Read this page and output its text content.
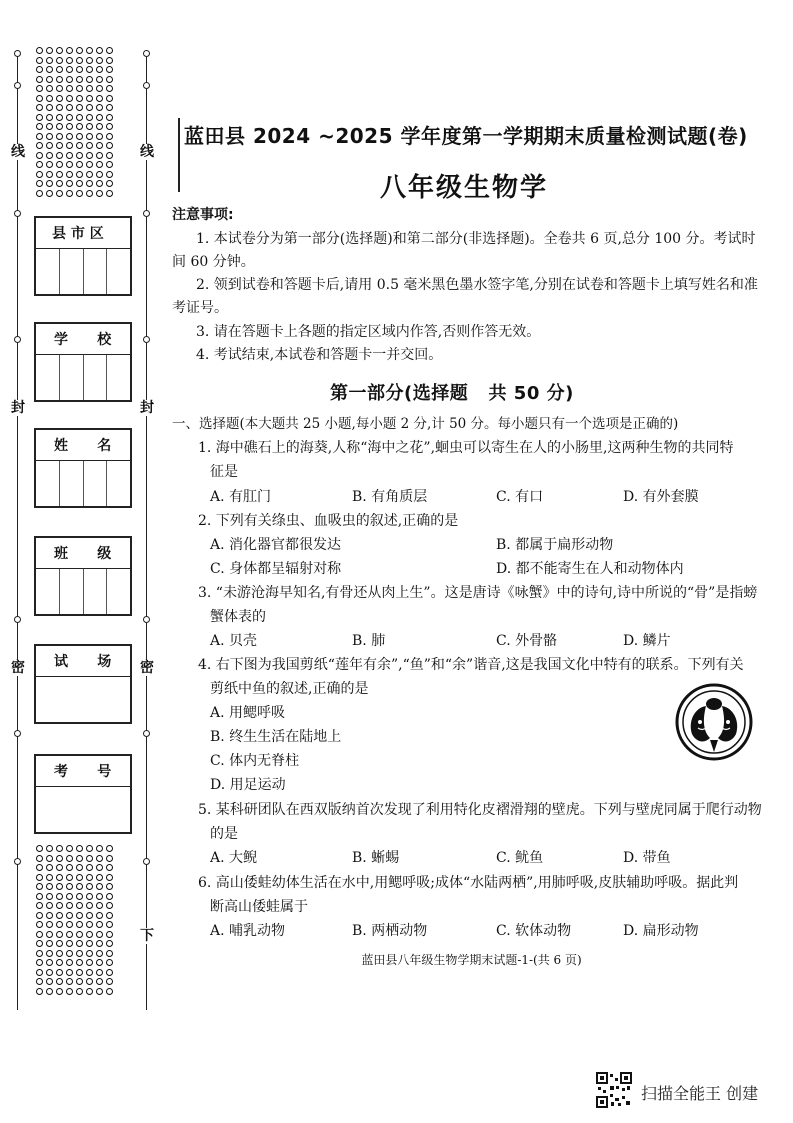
线
封
密
线
封
密
下
县 市 区
学      校
姓      名
班      级
试      场
考      号
蓝田县 2024 ~2025 学年度第一学期期末质量检测试题(卷)
八年级生物学
注意事项:
1. 本试卷分为第一部分(选择题)和第二部分(非选择题)。全卷共 6 页,总分 100 分。考试时
间 60 分钟。
2. 领到试卷和答题卡后,请用 0.5 毫米黑色墨水签字笔,分别在试卷和答题卡上填写姓名和准
考证号。
3. 请在答题卡上各题的指定区域内作答,否则作答无效。
4. 考试结束,本试卷和答题卡一并交回。
第一部分(选择题   共 50 分)
一、选择题(本大题共 25 小题,每小题 2 分,计 50 分。每小题只有一个选项是正确的)
1. 海中礁石上的海葵,人称“海中之花”,蛔虫可以寄生在人的小肠里,这两种生物的共同特
征是
A. 有肛门	B. 有角质层	C. 有口	D. 有外套膜
2. 下列有关绦虫、血吸虫的叙述,正确的是
A. 消化器官都很发达	B. 都属于扁形动物
C. 身体都呈辐射对称	D. 都不能寄生在人和动物体内
3. “未游沧海早知名,有骨还从肉上生”。这是唐诗《咏蟹》中的诗句,诗中所说的“骨”是指螃
蟹体表的
A. 贝壳	B. 肺	C. 外骨骼	D. 鳞片
4. 右下图为我国剪纸“莲年有余”,“鱼”和“余”谐音,这是我国文化中特有的联系。下列有关
剪纸中鱼的叙述,正确的是
A. 用鳃呼吸
B. 终生生活在陆地上
C. 体内无脊柱
D. 用足运动
5. 某科研团队在西双版纳首次发现了利用特化皮褶滑翔的壁虎。下列与壁虎同属于爬行动物
的是
A. 大鲵	B. 蜥蜴	C. 鱿鱼	D. 带鱼
6. 高山倭蛙幼体生活在水中,用鳃呼吸;成体“水陆两栖”,用肺呼吸,皮肤辅助呼吸。据此判
断高山倭蛙属于
A. 哺乳动物	B. 两栖动物	C. 软体动物	D. 扁形动物
蓝田县八年级生物学期末试题-1-(共 6 页)
扫描全能王 创建
